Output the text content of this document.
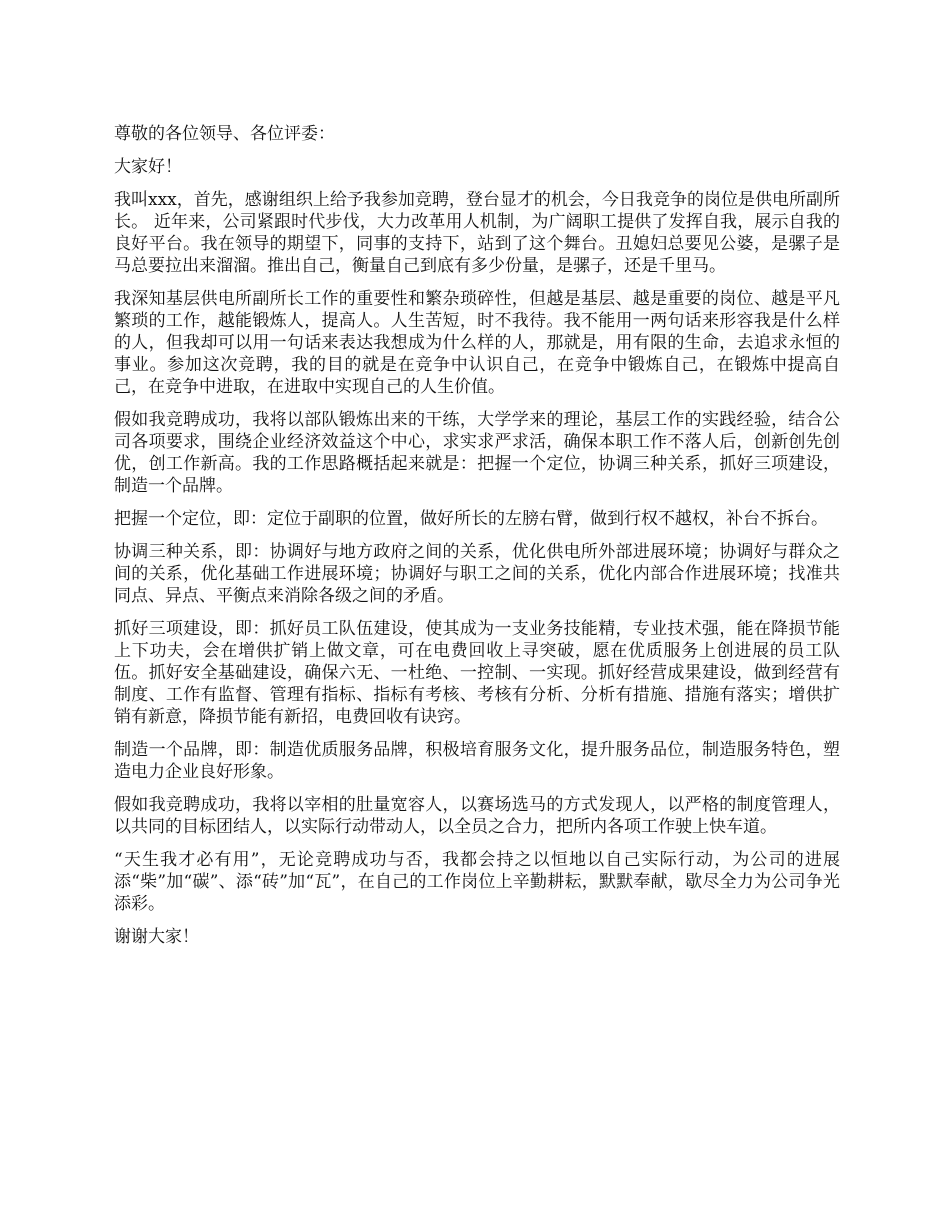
尊敬的各位领导、各位评委：

大家好！

我叫xxx，首先，感谢组织上给予我参加竞聘，登台显才的机会，今日我竞争的岗位是供电所副所长。 近年来，公司紧跟时代步伐，大力改革用人机制，为广阔职工提供了发挥自我，展示自我的良好平台。我在领导的期望下，同事的支持下，站到了这个舞台。丑媳妇总要见公婆，是骡子是马总要拉出来溜溜。推出自己，衡量自己到底有多少份量，是骡子，还是千里马。

我深知基层供电所副所长工作的重要性和繁杂琐碎性，但越是基层、越是重要的岗位、越是平凡繁琐的工作，越能锻炼人，提高人。人生苦短，时不我待。我不能用一两句话来形容我是什么样的人，但我却可以用一句话来表达我想成为什么样的人，那就是，用有限的生命，去追求永恒的事业。参加这次竞聘，我的目的就是在竞争中认识自己，在竞争中锻炼自己，在锻炼中提高自己，在竞争中进取，在进取中实现自己的人生价值。

假如我竞聘成功，我将以部队锻炼出来的干练，大学学来的理论，基层工作的实践经验，结合公司各项要求，围绕企业经济效益这个中心，求实求严求活，确保本职工作不落人后，创新创先创优，创工作新高。我的工作思路概括起来就是：把握一个定位，协调三种关系，抓好三项建设，制造一个品牌。

把握一个定位，即：定位于副职的位置，做好所长的左膀右臂，做到行权不越权，补台不拆台。

协调三种关系，即：协调好与地方政府之间的关系，优化供电所外部进展环境；协调好与群众之间的关系，优化基础工作进展环境；协调好与职工之间的关系，优化内部合作进展环境；找准共同点、异点、平衡点来消除各级之间的矛盾。

抓好三项建设，即：抓好员工队伍建设，使其成为一支业务技能精，专业技术强，能在降损节能上下功夫，会在增供扩销上做文章，可在电费回收上寻突破，愿在优质服务上创进展的员工队伍。抓好安全基础建设，确保六无、一杜绝、一控制、一实现。抓好经营成果建设，做到经营有制度、工作有监督、管理有指标、指标有考核、考核有分析、分析有措施、措施有落实；增供扩销有新意，降损节能有新招，电费回收有诀窍。

制造一个品牌，即：制造优质服务品牌，积极培育服务文化，提升服务品位，制造服务特色，塑造电力企业良好形象。

假如我竞聘成功，我将以宰相的肚量宽容人，以赛场选马的方式发现人，以严格的制度管理人，以共同的目标团结人，以实际行动带动人，以全员之合力，把所内各项工作驶上快车道。

“天生我才必有用”，无论竞聘成功与否，我都会持之以恒地以自己实际行动，为公司的进展添“柴”加“碳”、添“砖”加“瓦”，在自己的工作岗位上辛勤耕耘，默默奉献，歇尽全力为公司争光添彩。

谢谢大家！
